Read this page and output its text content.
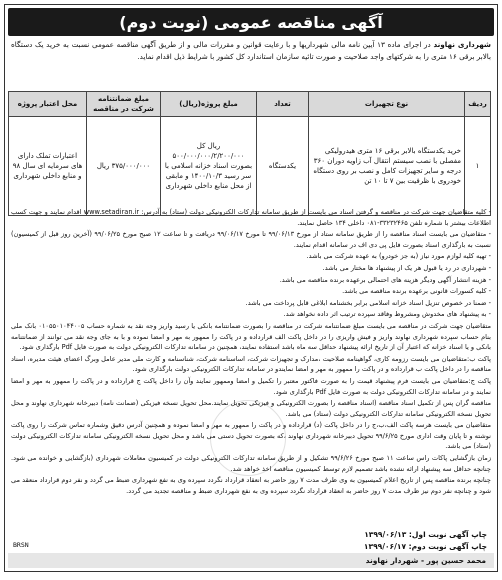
آگهی مناقصه عمومی (نوبت دوم)
شهرداری نهاوند در اجرای ماده ۱۳ آیین نامه مالی شهرداریها و با رعایت قوانین و مقررات مالی و از طریق آگهی مناقصه عمومی نسبت به خرید یک دستگاه بالابر برقی ۱۶ متری را به شرکتهای واجد صلاحیت و صورت تائیه سازمان استاندارد کل کشور با شرایط ذیل اقدام نماید.
ردیف	نوع تجهیزات	تعداد	مبلغ پروژه(ریال)	مبلغ ضمانتنامه شرکت در مناقصه	محل اعتبار پروژه
۱	خرید یکدستگاه بالابر برقی ۱۶ متری هیدرولیکی مفصلی با نصب سیستم انتقال آب زاویه دوران ۳۶۰ درجه و سایر تجهیزات کامل و نصب بر روی دستگاه خودروی با ظرفیت بین ۷ تا ۱۰ تن	یکدستگاه	ریال کل ۵۰۰/۰۰۰/۰۰۰/۲/۲۰۰/۰۰۰ بصورت اسناد خزانه اسلامی با سر رسید ۱۴۰۰/۱۰/۳ و مابقی از محل منابع داخلی شهرداری	۳۷۵/۰۰۰/۰۰۰ ریال	اعتبارات تملک دارای های سرمایه ای سال ۹۸ و منابع داخلی شهرداری

- کلیه متقاضیان جهت شرکت در مناقصه و گرفتن اسناد می بایست از طریق سامانه تدارکات الکترونیکی دولت (ستاد) به آدرس: www.setadiran.ir اقدام نمایند و جهت کسب اطلاعات بیشتر با شماره تلفن ۳۳۲۳۲۴۶۵-۰۸۱ داخلی ۱۳۴ حاصل نمایند.

- متقاضیان می بایست اسناد مناقصه را از طریق سامانه ستاد از مورخ ۹۹/۰۶/۱۳ تا مورخ ۹۹/۰۶/۱۷ دریافت و تا ساعت ۱۲ صبح مورخ ۹۹/۰۶/۲۵ (آخرین روز قبل از کمیسیون) نسبت به بارگذاری اسناد بصورت فایل پی دی اف در سامانه اقدام نمایند.

- تهیه کلیه لوازم مورد نیاز (به جز خودرو) به عهده شرکت می باشد.

- شهرداری در رد یا قبول هر یک از پیشنهاد ها مختار می باشد.

- هزینه انتشار آگهی ودیگر هزینه های احتمالی برعهده برنده مناقصه می باشد.

- کلیه کسورات قانونی برعهده برنده مناقصه می باشد.

- ضمنا در خصوص تنزیل اسناد خزانه اسلامی برابر بخشنامه ابلاغی قابل پرداخت می باشد.

- به پیشنهاد های مخدوش ومشروط وفاقد سپرده ترتیب اثر داده نخواهد شد.

متقاضیان جهت شرکت در مناقصه می بایست مبلغ ضمانتنامه شرکت در مناقصه را بصورت ضمانتنامه بانکی یا رسید واریز وجه نقد به شماره حساب ۰۱۰۵۵۰۱۰۴۴۰۰۵ بانک ملی بنام حساب سپرده شهرداری نهاوند واریز و فیش واریزی را در داخل پاکت الف قرارداده و در پاکت را ممهور به مهر و امضا نموده و با به جای وجه نقد می توانند از ضمانتنامه بانکی و یا اسناد خزانه که اعتبار آن از تاریخ ارائه پیشنهاد حداقل سه ماه باشد استفاده نمایند، همچنین در سامانه تدارکات الکترونیکی دولت به صورت فایل Pdf بارگذاری شود.

پاکت ب:متقاضیان می بایست رزومه کاری، گواهینامه صلاحیت ،مدارک و تجهیزات شرکت، اساسنامه شرکت، شناسنامه و کارت ملی مدیر عامل وبرگ اعضای هیئت مدیره، اسناد مناقصه را در داخل پاکت ب قرارداده و در پاکت را ممهور به مهر و امضا نمایندو در سامانه تدارکات الکترونیکی دولت بارگذاری شود.

پاکت ج:متقاضیان می بایست فرم پیشنهاد قیمت را به صورت فاکتور معتبر را تکمیل و امضا وممهور نمایند وآن را داخل پاکت ج قرارداده و در پاکت را ممهور به مهر و امضا نمایند و در سامانه تدارکات الکترونیکی دولت به صورت فایل Pdf بارگذاری شود.

مناقصه گران پس از تکمیل اسناد مناقصه (اسناد مناقصه را بصورت الکترونیکی و فیزیکی تحویل نمایند.محل تحویل نسخه فیزیکی (ضمانت نامه) دبیرخانه شهرداری نهاوند و محل تحویل نسخه الکترونیکی سامانه تدارکات الکترونیکی دولت (ستاد) می باشد.

متقاضیان می بایست هرسه پاکت الف،ب،ج را در داخل پاکت (د) قرارداده و در پاکت را ممهور به مهر و امضا نموده و همچنین آدرس دقیق وشماره تماس شرکت را روی پاکت نوشته و تا پایان وقت اداری مورخ ۹۹/۶/۲۵ تحویل دبیرخانه شهرداری نهاوند ،که بصورت تحویل دستی می باشد و محل تحویل نسخه الکترونیکی سامانه تدارکات الکترونیکی دولت (ستاد) می باشد.

زمان بازگشایی پاکات راس ساعت ۱۱ صبح مورخ ۹۹/۶/۲۶ تشکیل و از طریق سامانه تدارکات الکترونیکی دولت در کمیسیون معاملات شهرداری (بازگشایی و خوانده می شود. چنانچه حداقل سه پیشنهاد ارائه نشده باشد تصمیم لازم توسط کمیسیون مناقصه اخذ خواهد شد.

چنانچه برنده مناقصه پس از تاریخ اعلام کمیسیون به وی ظرف مدت ۷ روز حاضر به انعقاد قرارداد نگردد سپرده وی به نفع شهرداری ضبط می گردد و نفر دوم قرارداد منعقد می شود و چنانچه نفر دوم نیز ظرف مدت ۷ روز حاضر به انعقاد قرارداد نگردد سپرده وی به نفع شهرداری ضبط و مناقصه تجدید می گردد.

چاپ آگهی نوبت اول: ۱۳۹۹/۰۶/۱۳
چاپ آگهی نوبت دوم: ۱۳۹۹/۰۶/۱۷
BRSN
محمد حسین پور - شهردار نهاوند
